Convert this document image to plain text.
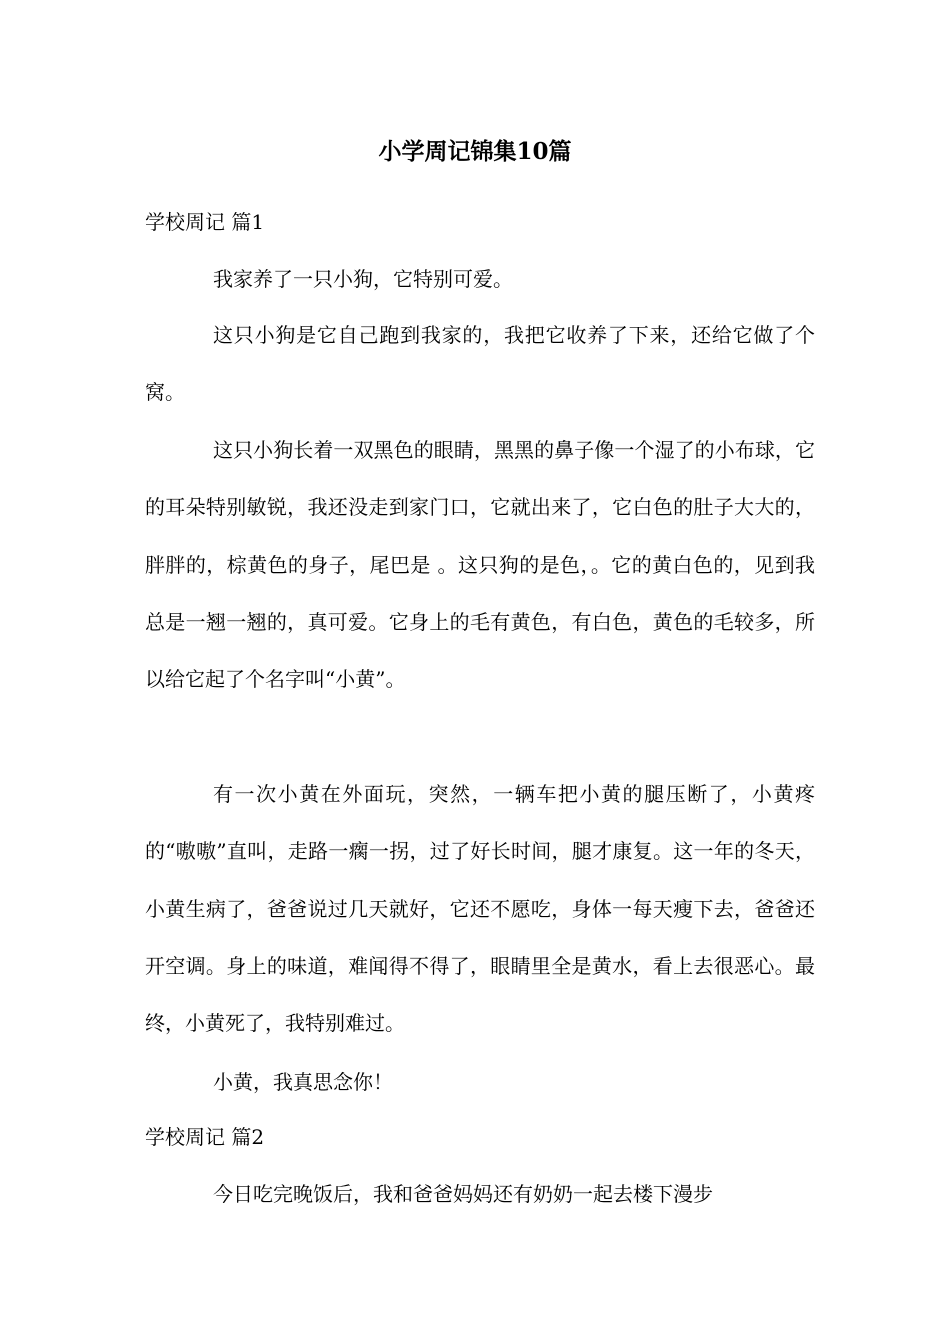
小学周记锦集10篇
学校周记 篇1

我家养了一只小狗，它特别可爱。

这只小狗是它自己跑到我家的，我把它收养了下来，还给它做了个窝。

这只小狗长着一双黑色的眼睛，黑黑的鼻子像一个湿了的小布球，它的耳朵特别敏锐，我还没走到家门口，它就出来了，它白色的肚子大大的，胖胖的，棕黄色的身子，尾巴是 。这只狗的是色，。它的黄白色的，见到我总是一翘一翘的，真可爱。它身上的毛有黄色，有白色，黄色的毛较多，所以给它起了个名字叫“小黄”。

有一次小黄在外面玩，突然，一辆车把小黄的腿压断了，小黄疼的“嗷嗷”直叫，走路一瘸一拐，过了好长时间，腿才康复。这一年的冬天，小黄生病了，爸爸说过几天就好，它还不愿吃，身体一每天瘦下去，爸爸还开空调。身上的味道，难闻得不得了，眼睛里全是黄水，看上去很恶心。最终，小黄死了，我特别难过。

小黄，我真思念你！

学校周记 篇2

今日吃完晚饭后，我和爸爸妈妈还有奶奶一起去楼下漫步
